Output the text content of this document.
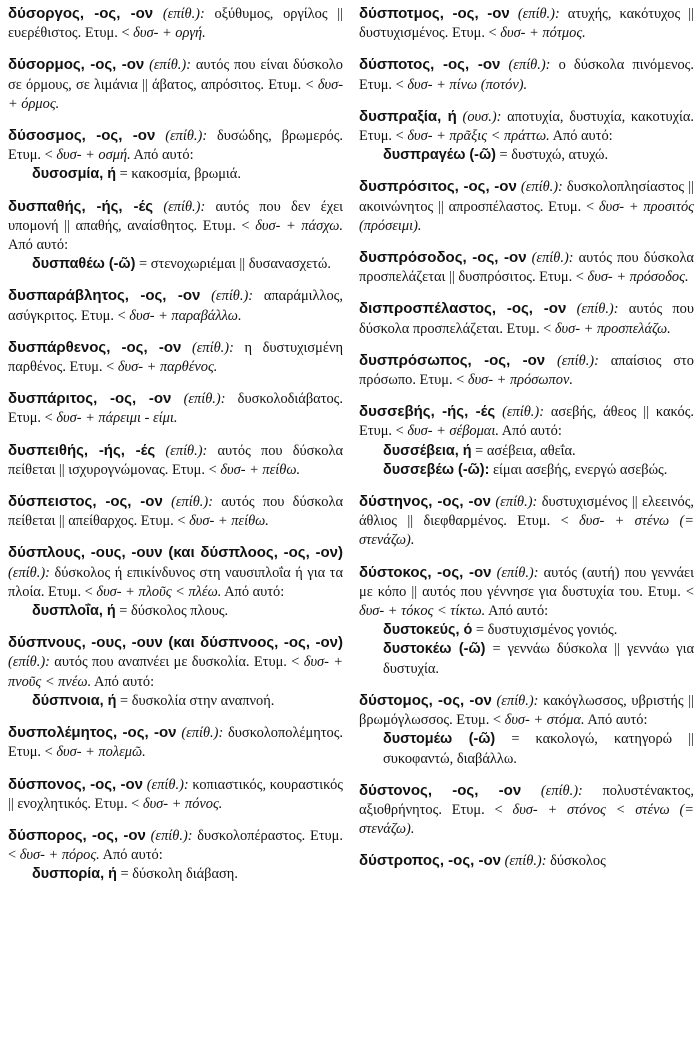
δύσοργος, -ος, -ον (επίθ.): οξύθυμος, οργίλος || ευερέθιστος. Ετυμ. < δυσ- + οργή.
δύσορμος, -ος, -ον (επίθ.): αυτός που είναι δύσκολο σε όρμους, σε λιμάνια || άβατος, απρόσιτος. Ετυμ. < δυσ- + όρμος.
δύσοσμος, -ος, -ον (επίθ.): δυσώδης, βρωμερός. Ετυμ. < δυσ- + οσμή. Από αυτό:
δυσοσμία, ή = κακοσμία, βρωμιά.
δυσπαθής, -ής, -ές (επίθ.): αυτός που δεν έχει υπομονή || απαθής, αναίσθητος. Ετυμ. < δυσ- + πάσχω. Από αυτό:
δυσπαθέω (-ῶ) = στενοχωριέμαι || δυσανασχετώ.
δυσπαράβλητος, -ος, -ον (επίθ.): απαράμιλλος, ασύγκριτος. Ετυμ. < δυσ- + παραβάλλω.
δυσπάρθενος, -ος, -ον (επίθ.): η δυστυχισμένη παρθένος. Ετυμ. < δυσ- + παρθένος.
δυσπάριτος, -ος, -ον (επίθ.): δυσκολοδιάβατος. Ετυμ. < δυσ- + πάρειμι - είμι.
δυσπειθής, -ής, -ές (επίθ.): αυτός που δύσκολα πείθεται || ισχυρογνώμονας. Ετυμ. < δυσ- + πείθω.
δύσπειστος, -ος, -ον (επίθ.): αυτός που δύσκολα πείθεται || απείθαρχος. Ετυμ. < δυσ- + πείθω.
δύσπλους, -ους, -ουν (και δύσπλοος, -ος, -ον) (επίθ.): δύσκολος ή επικίνδυνος στη ναυσιπλοΐα ή για τα πλοία. Ετυμ. < δυσ- + πλοῦς < πλέω. Από αυτό:
δυσπλοΐα, ή = δύσκολος πλους.
δύσπνους, -ους, -ουν (και δύσπνοος, -ος, -ον) (επίθ.): αυτός που αναπνέει με δυσκολία. Ετυμ. < δυσ- + πνοῦς < πνέω. Από αυτό:
δύσπνοια, ή = δυσκολία στην αναπνοή.
δυσπολέμητος, -ος, -ον (επίθ.): δυσκολοπολέμητος. Ετυμ. < δυσ- + πολεμῶ.
δύσπονος, -ος, -ον (επίθ.): κοπιαστικός, κουραστικός || ενοχλητικός. Ετυμ. < δυσ- + πόνος.
δύσπορος, -ος, -ον (επίθ.): δυσκολοπέραστος. Ετυμ. < δυσ- + πόρος. Από αυτό:
δυσπορία, ή = δύσκολη διάβαση.
δύσποτμος, -ος, -ον (επίθ.): ατυχής, κακότυχος || δυστυχισμένος. Ετυμ. < δυσ- + πότμος.
δύσποτος, -ος, -ον (επίθ.): ο δύσκολα πινόμενος. Ετυμ. < δυσ- + πίνω (ποτόν).
δυσπραξία, ή (ουσ.): αποτυχία, δυστυχία, κακοτυχία. Ετυμ. < δυσ- + πρᾶξις < πράττω. Από αυτό:
δυσπραγέω (-ῶ) = δυστυχώ, ατυχώ.
δυσπρόσιτος, -ος, -ον (επίθ.): δυσκολοπλησίαστος || ακοινώνητος || απροσπέλαστος. Ετυμ. < δυσ- + προσιτός (πρόσειμι).
δυσπρόσοδος, -ος, -ον (επίθ.): αυτός που δύσκολα προσπελάζεται || δυσπρόσιτος. Ετυμ. < δυσ- + πρόσοδος.
δισπροσπέλαστος, -ος, -ον (επίθ.): αυτός που δύσκολα προσπελάζεται. Ετυμ. < δυσ- + προσπελάζω.
δυσπρόσωπος, -ος, -ον (επίθ.): απαίσιος στο πρόσωπο. Ετυμ. < δυσ- + πρόσωπον.
δυσσεβής, -ής, -ές (επίθ.): ασεβής, άθεος || κακός. Ετυμ. < δυσ- + σέβομαι. Από αυτό:
δυσσέβεια, ή = ασέβεια, αθεΐα.
δυσσεβέω (-ῶ): είμαι ασεβής, ενεργώ ασεβώς.
δύστηνος, -ος, -ον (επίθ.): δυστυχισμένος || ελεεινός, άθλιος || διεφθαρμένος. Ετυμ. < δυσ- + στένω (= στενάζω).
δύστοκος, -ος, -ον (επίθ.): αυτός (αυτή) που γεννάει με κόπο || αυτός που γέννησε για δυστυχία του. Ετυμ. < δυσ- + τόκος < τίκτω. Από αυτό:
δυστοκεύς, ό = δυστυχισμένος γονιός.
δυστοκέω (-ῶ) = γεννάω δύσκολα || γεννάω για δυστυχία.
δύστομος, -ος, -ον (επίθ.): κακόγλωσσος, υβριστής || βρωμόγλωσσος. Ετυμ. < δυσ- + στόμα. Από αυτό:
δυστομέω (-ῶ) = κακολογώ, κατηγορώ || συκοφαντώ, διαβάλλω.
δύστονος, -ος, -ον (επίθ.): πολυστένακτος, αξιοθρήνητος. Ετυμ. < δυσ- + στόνος < στένω (= στενάζω).
δύστροπος, -ος, -ον (επίθ.): δύσκολος
